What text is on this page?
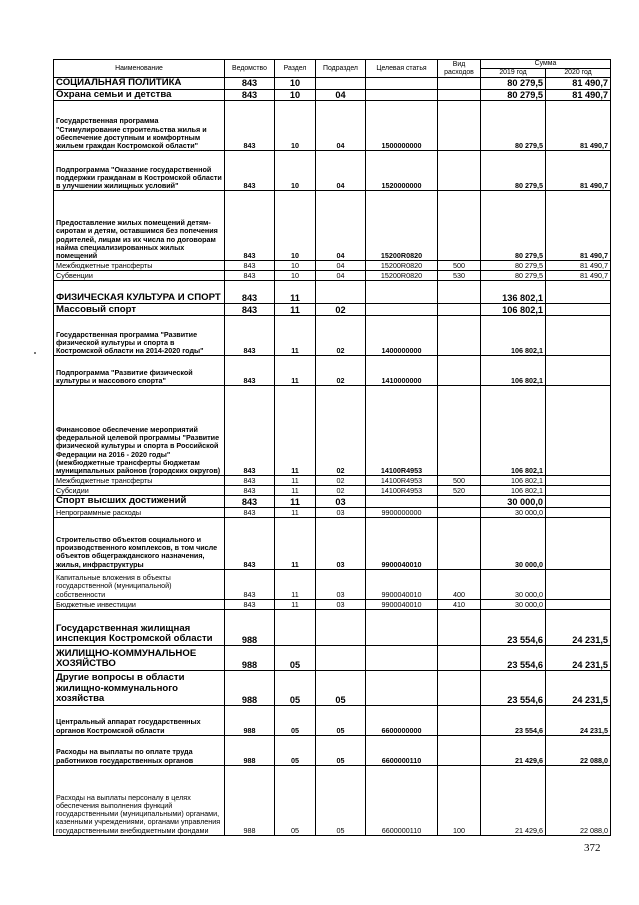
Наименование	Ведомство	Раздел	Подраздел	Целевая статья	Вид расходов	Сумма	
						2019 год	2020 год
СОЦИАЛЬНАЯ ПОЛИТИКА	843	10				80 279,5	81 490,7
Охрана семьи и детства	843	10	04			80 279,5	81 490,7
Государственная программа "Стимулирование строительства жилья и обеспечение доступным и комфортным жильем граждан Костромской области"	843	10	04	1500000000		80 279,5	81 490,7
Подпрограмма "Оказание государственной поддержки гражданам в Костромской области в улучшении жилищных условий"	843	10	04	1520000000		80 279,5	81 490,7
Предоставление жилых помещений детям-сиротам и детям, оставшимся без попечения родителей, лицам из их числа по договорам найма специализированных жилых помещений	843	10	04	15200R0820		80 279,5	81 490,7
Межбюджетные трансферты	843	10	04	15200R0820	500	80 279,5	81 490,7
Субвенции	843	10	04	15200R0820	530	80 279,5	81 490,7
ФИЗИЧЕСКАЯ КУЛЬТУРА И СПОРТ	843	11				136 802,1	
Массовый спорт	843	11	02			106 802,1	
Государственная программа "Развитие физической культуры и спорта в Костромской области на 2014-2020 годы"	843	11	02	1400000000		106 802,1	
Подпрограмма "Развитие физической культуры и массового спорта"	843	11	02	1410000000		106 802,1	
Финансовое обеспечение мероприятий федеральной целевой программы "Развитие физической культуры и спорта в Российской Федерации на 2016 - 2020 годы" (межбюджетные трансферты бюджетам муниципальных районов (городских округов)	843	11	02	14100R4953		106 802,1	
Межбюджетные трансферты	843	11	02	14100R4953	500	106 802,1	
Субсидии	843	11	02	14100R4953	520	106 802,1	
Спорт высших достижений	843	11	03			30 000,0	
Непрограммные расходы	843	11	03	9900000000		30 000,0	
Строительство объектов социального и производственного комплексов, в том числе объектов общегражданского назначения, жилья, инфраструктуры	843	11	03	9900040010		30 000,0	
Капитальные вложения в объекты государственной (муниципальной) собственности	843	11	03	9900040010	400	30 000,0	
Бюджетные инвестиции	843	11	03	9900040010	410	30 000,0	
Государственная жилищная инспекция Костромской области	988					23 554,6	24 231,5
ЖИЛИЩНО-КОММУНАЛЬНОЕ ХОЗЯЙСТВО	988	05				23 554,6	24 231,5
Другие вопросы в области жилищно-коммунального хозяйства	988	05	05			23 554,6	24 231,5
Центральный аппарат государственных органов Костромской области	988	05	05	6600000000		23 554,6	24 231,5
Расходы на выплаты по оплате труда работников государственных органов	988	05	05	6600000110		21 429,6	22 088,0
Расходы на выплаты персоналу в целях обеспечения выполнения функций государственными (муниципальными) органами, казенными учреждениями, органами управления государственными внебюджетными фондами	988	05	05	6600000110	100	21 429,6	22 088,0
372
